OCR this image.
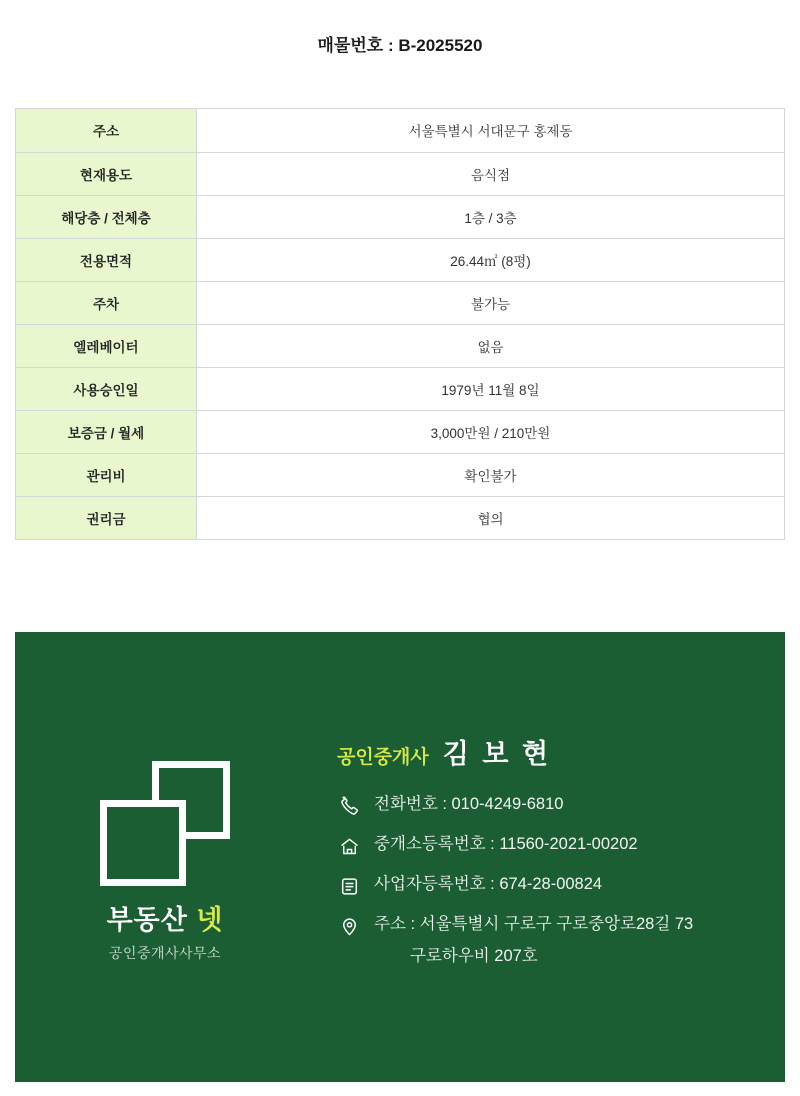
매물번호 : B-2025520
주소	서울특별시 서대문구 홍제동
현재용도	음식점
해당층 / 전체층	1층 / 3층
전용면적	26.44㎡ (8평)
주차	불가능
엘레베이터	없음
사용승인일	1979년 11월 8일
보증금 / 월세	3,000만원 / 210만원
관리비	확인불가
권리금	협의
부동산 넷
공인중개사사무소
공인중개사 김 보 현
전화번호 : 010-4249-6810
중개소등록번호 : 11560-2021-00202
사업자등록번호 : 674-28-00824
주소 : 서울특별시 구로구 구로중앙로28길 73
구로하우비 207호
